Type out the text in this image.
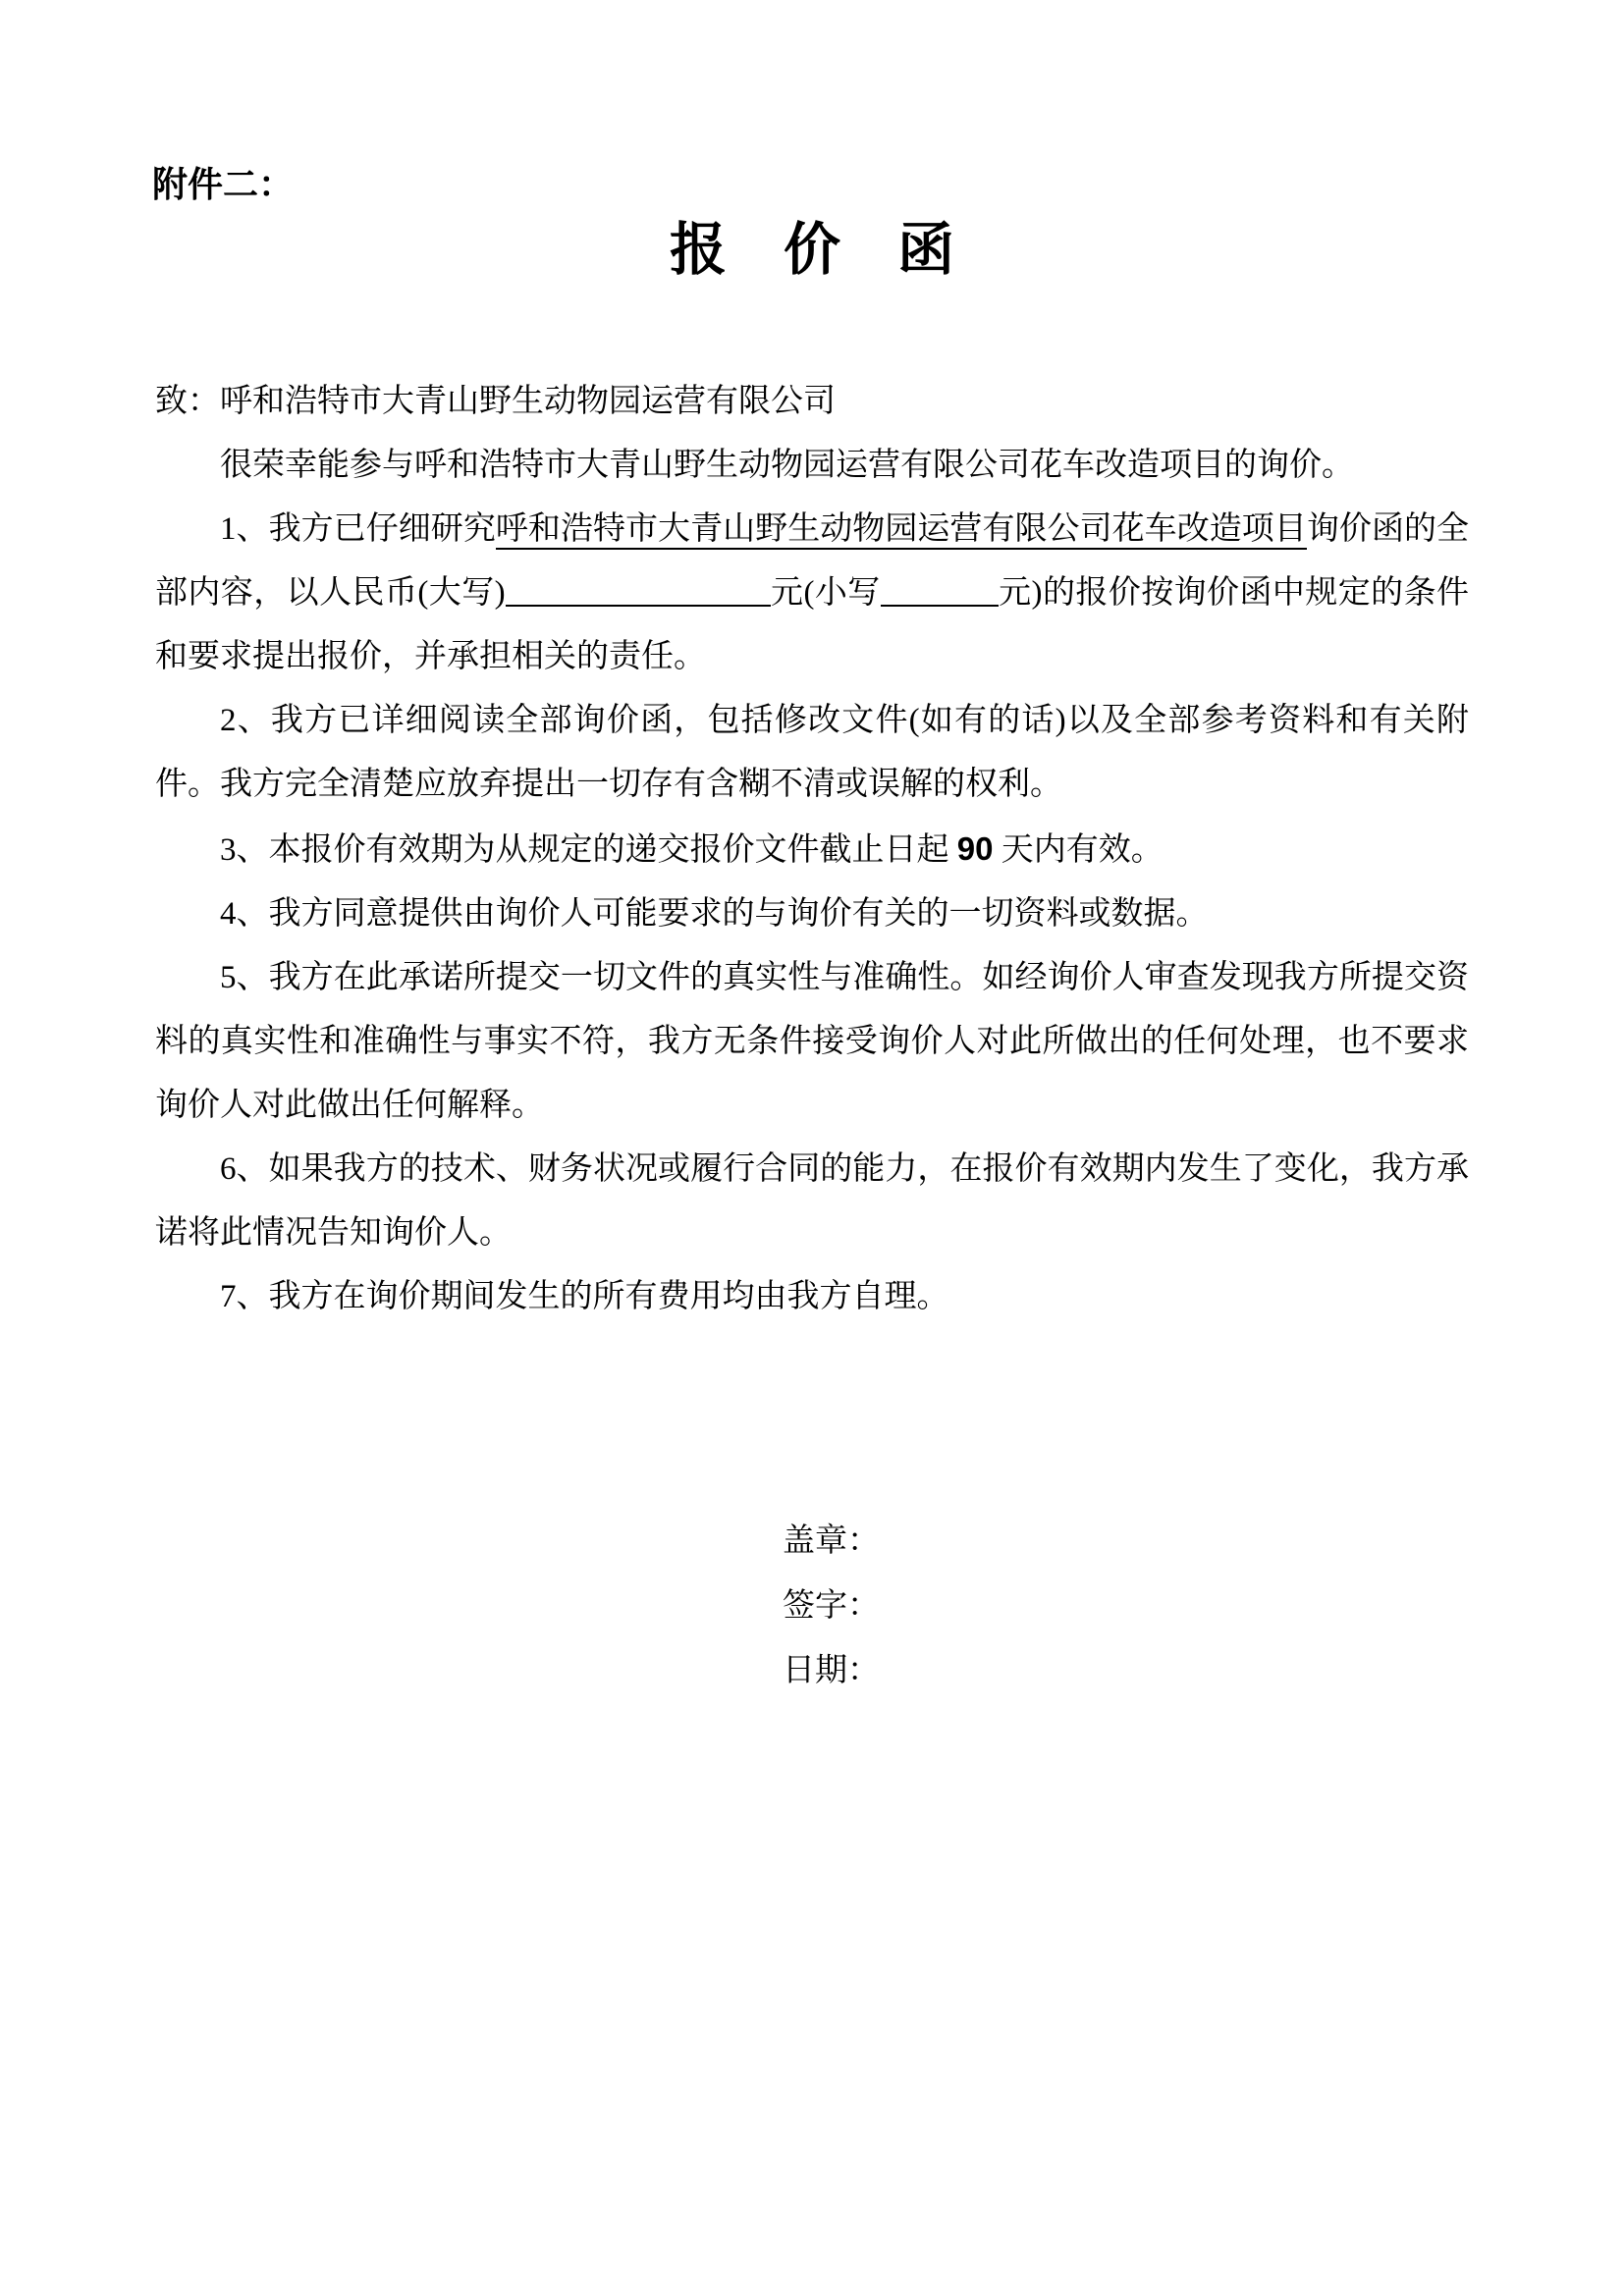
附件二：
报　价　函

致：呼和浩特市大青山野生动物园运营有限公司

很荣幸能参与呼和浩特市大青山野生动物园运营有限公司花车改造项目的询价。

1、我方已仔细研究呼和浩特市大青山野生动物园运营有限公司花车改造项目询价函的全部内容，以人民币(大写)	元(小写	元)的报价按询价函中规定的条件和要求提出报价，并承担相关的责任。

2、我方已详细阅读全部询价函，包括修改文件(如有的话)以及全部参考资料和有关附件。我方完全清楚应放弃提出一切存有含糊不清或误解的权利。

3、本报价有效期为从规定的递交报价文件截止日起 90 天内有效。

4、我方同意提供由询价人可能要求的与询价有关的一切资料或数据。

5、我方在此承诺所提交一切文件的真实性与准确性。如经询价人审查发现我方所提交资料的真实性和准确性与事实不符，我方无条件接受询价人对此所做出的任何处理，也不要求询价人对此做出任何解释。

6、如果我方的技术、财务状况或履行合同的能力，在报价有效期内发生了变化，我方承诺将此情况告知询价人。

7、我方在询价期间发生的所有费用均由我方自理。

盖章：
签字：
日期：
